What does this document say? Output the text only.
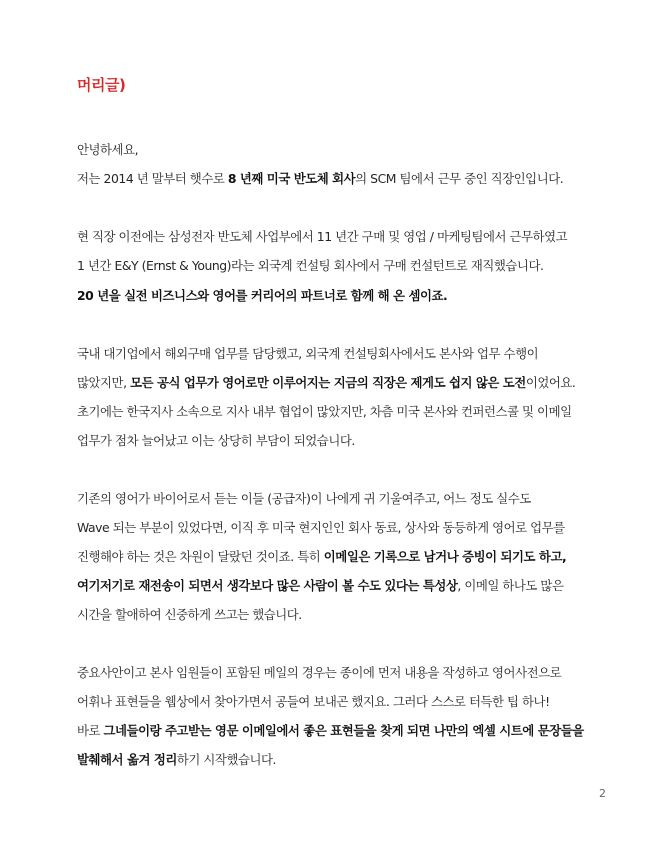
머리글)
안녕하세요,
저는 2014 년 말부터 햇수로 8 년째 미국 반도체 회사의 SCM 팀에서 근무 중인 직장인입니다.
현 직장 이전에는 삼성전자 반도체 사업부에서 11 년간 구매 및 영업 / 마케팅팀에서 근무하였고
1 년간 E&Y (Ernst & Young)라는 외국계 컨설팅 회사에서 구매 컨설턴트로 재직했습니다.
20 년을 실전 비즈니스와 영어를 커리어의 파트너로 함께 해 온 셈이죠.
국내 대기업에서 해외구매 업무를 담당했고, 외국계 컨설팅회사에서도 본사와 업무 수행이
많았지만, 모든 공식 업무가 영어로만 이루어지는 지금의 직장은 제게도 쉽지 않은 도전이었어요.
초기에는 한국지사 소속으로 지사 내부 협업이 많았지만, 차츰 미국 본사와 컨퍼런스콜 및 이메일
업무가 점차 늘어났고 이는 상당히 부담이 되었습니다.
기존의 영어가 바이어로서 듣는 이들 (공급자)이 나에게 귀 기울여주고, 어느 정도 실수도
Wave 되는 부분이 있었다면, 이직 후 미국 현지인인 회사 동료, 상사와 동등하게 영어로 업무를
진행해야 하는 것은 차원이 달랐던 것이죠. 특히 이메일은 기록으로 남거나 증빙이 되기도 하고,
여기저기로 재전송이 되면서 생각보다 많은 사람이 볼 수도 있다는 특성상, 이메일 하나도 많은
시간을 할애하여 신중하게 쓰고는 했습니다.
중요사안이고 본사 임원들이 포함된 메일의 경우는 종이에 먼저 내용을 작성하고 영어사전으로
어휘나 표현들을 웹상에서 찾아가면서 공들여 보내곤 했지요. 그러다 스스로 터득한 팁 하나!
바로 그네들이랑 주고받는 영문 이메일에서 좋은 표현들을 찾게 되면 나만의 엑셀 시트에 문장들을
발췌해서 옮겨 정리하기 시작했습니다.
2
